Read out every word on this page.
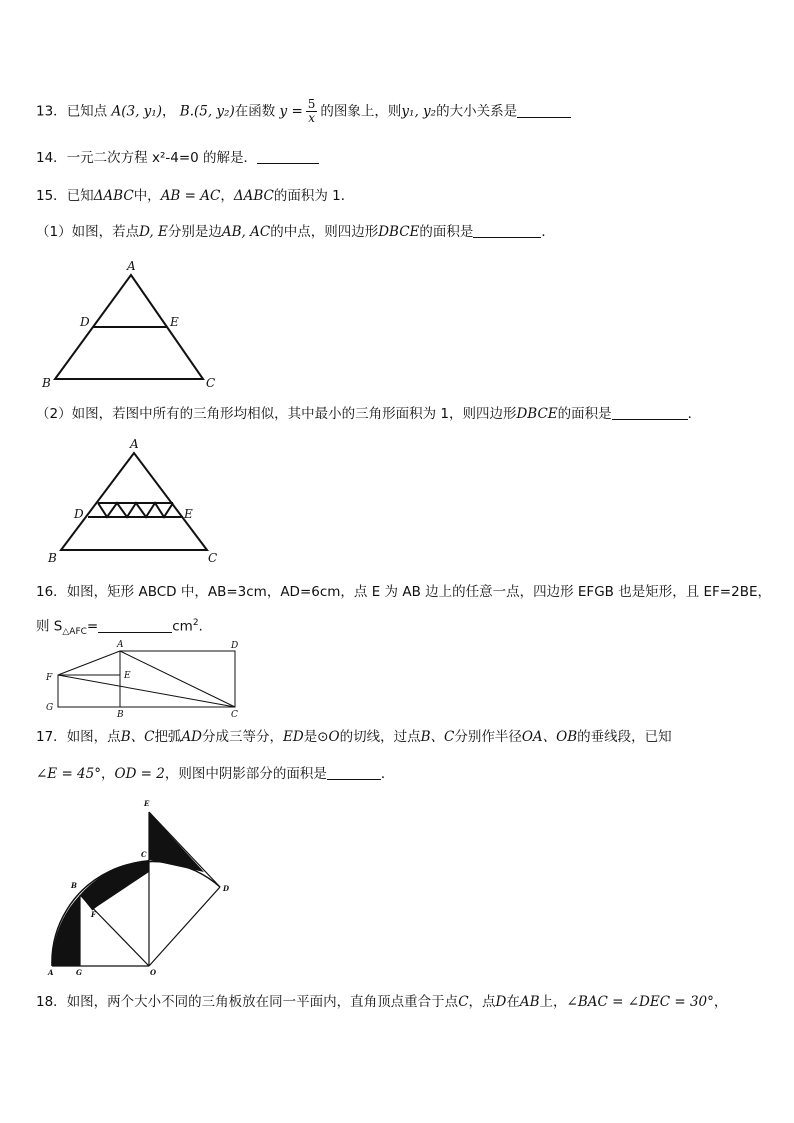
13．已知点 A(3, y₁)， B.(5, y₂)在函数 $y = \frac{5}{x}$ 的图象上，则y₁, y₂的大小关系是
14．一元二次方程 x²-4=0 的解是．
15．已知ΔABC中，AB = AC，ΔABC的面积为 1．
（1）如图，若点D, E分别是边AB, AC的中点，则四边形DBCE的面积是	．
（2）如图，若图中所有的三角形均相似，其中最小的三角形面积为 1，则四边形DBCE的面积是	．
16．如图，矩形 ABCD 中，AB=3cm，AD=6cm，点 E 为 AB 边上的任意一点，四边形 EFGB 也是矩形，且 EF=2BE，
则 $S_{\triangle AFC}=$	$cm^2$.
17．如图，点B、C把弧AD分成三等分，ED是⊙O的切线，过点B、C分别作半径OA、OB的垂线段，已知
∠E = 45°，OD = 2，则图中阴影部分的面积是	．
18．如图，两个大小不同的三角板放在同一平面内，直角顶点重合于点C，点D在AB上，∠BAC = ∠DEC = 30°，
A
D	E
B	C
A
D	E
B	C
A	D
E
F
G
B	C
E
C
B
F
D
A	G	O
